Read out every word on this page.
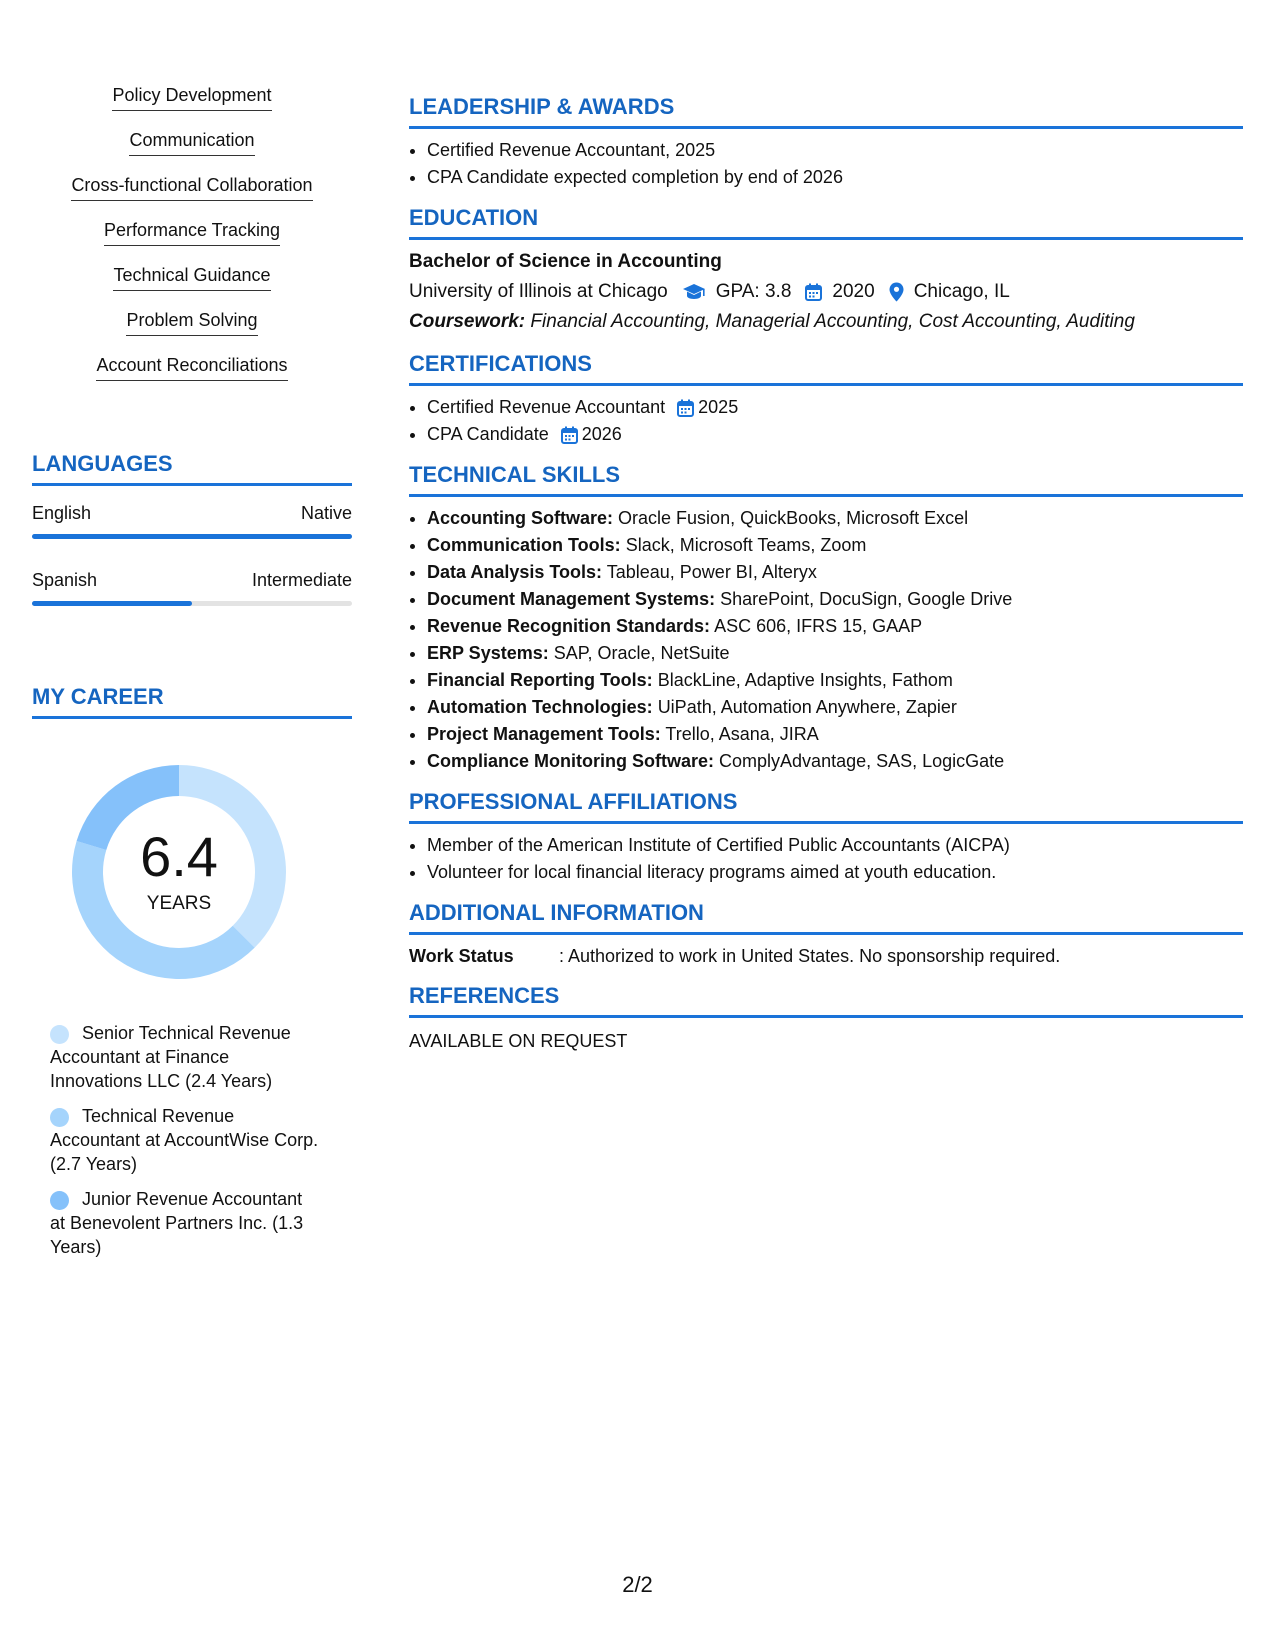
Policy Development
Communication
Cross-functional Collaboration
Performance Tracking
Technical Guidance
Problem Solving
Account Reconciliations
LANGUAGES
English	Native
Spanish	Intermediate
MY CAREER
6.4
YEARS
Senior Technical Revenue Accountant at Finance Innovations LLC (2.4 Years)
Technical Revenue Accountant at AccountWise Corp. (2.7 Years)
Junior Revenue Accountant at Benevolent Partners Inc. (1.3 Years)
LEADERSHIP & AWARDS
• Certified Revenue Accountant, 2025
• CPA Candidate expected completion by end of 2026
EDUCATION
Bachelor of Science in Accounting
University of Illinois at Chicago	GPA: 3.8 2020 Chicago, IL
Coursework: Financial Accounting, Managerial Accounting, Cost Accounting, Auditing
CERTIFICATIONS
• Certified Revenue Accountant 2025
• CPA Candidate 2026
TECHNICAL SKILLS
• Accounting Software: Oracle Fusion, QuickBooks, Microsoft Excel
• Communication Tools: Slack, Microsoft Teams, Zoom
• Data Analysis Tools: Tableau, Power BI, Alteryx
• Document Management Systems: SharePoint, DocuSign, Google Drive
• Revenue Recognition Standards: ASC 606, IFRS 15, GAAP
• ERP Systems: SAP, Oracle, NetSuite
• Financial Reporting Tools: BlackLine, Adaptive Insights, Fathom
• Automation Technologies: UiPath, Automation Anywhere, Zapier
• Project Management Tools: Trello, Asana, JIRA
• Compliance Monitoring Software: ComplyAdvantage, SAS, LogicGate
PROFESSIONAL AFFILIATIONS
• Member of the American Institute of Certified Public Accountants (AICPA)
• Volunteer for local financial literacy programs aimed at youth education.
ADDITIONAL INFORMATION
Work Status	: Authorized to work in United States. No sponsorship required.
REFERENCES
AVAILABLE ON REQUEST
2/2
